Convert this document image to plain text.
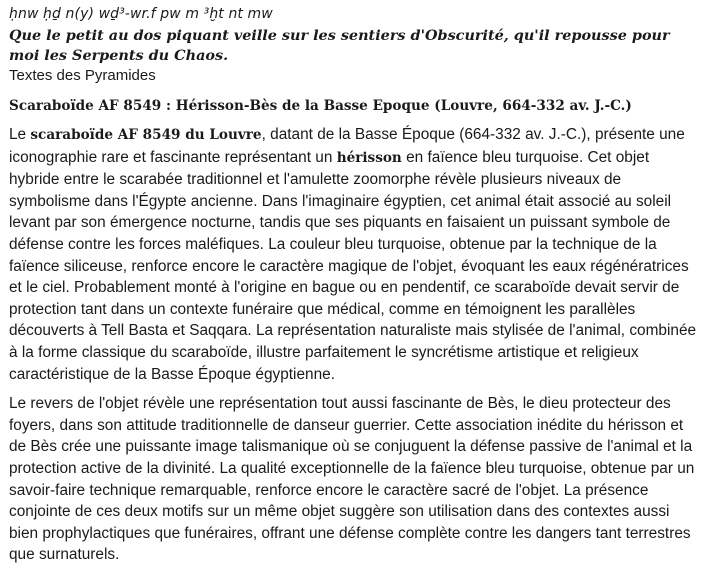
ḥnw ḥḏ n(y) wḏ³-wr.f pw m ³ḫt nt mw

Que le petit au dos piquant veille sur les sentiers d'Obscurité, qu'il repousse pour
moi les Serpents du Chaos.

Textes des Pyramides

Scaraboïde AF 8549 : Hérisson-Bès de la Basse Epoque (Louvre, 664-332 av. J.-C.)

Le scaraboïde AF 8549 du Louvre, datant de la Basse Époque (664-332 av. J.-C.), présente une iconographie rare et fascinante représentant un hérisson en faïence bleu turquoise. Cet objet hybride entre le scarabée traditionnel et l'amulette zoomorphe révèle plusieurs niveaux de symbolisme dans l'Égypte ancienne. Dans l'imaginaire égyptien, cet animal était associé au soleil levant par son émergence nocturne, tandis que ses piquants en faisaient un puissant symbole de défense contre les forces maléfiques. La couleur bleu turquoise, obtenue par la technique de la faïence siliceuse, renforce encore le caractère magique de l'objet, évoquant les eaux régénératrices et le ciel. Probablement monté à l'origine en bague ou en pendentif, ce scaraboïde devait servir de protection tant dans un contexte funéraire que médical, comme en témoignent les parallèles découverts à Tell Basta et Saqqara. La représentation naturaliste mais stylisée de l'animal, combinée à la forme classique du scaraboïde, illustre parfaitement le syncrétisme artistique et religieux caractéristique de la Basse Époque égyptienne.

Le revers de l'objet révèle une représentation tout aussi fascinante de Bès, le dieu protecteur des foyers, dans son attitude traditionnelle de danseur guerrier. Cette association inédite du hérisson et de Bès crée une puissante image talismanique où se conjuguent la défense passive de l'animal et la protection active de la divinité. La qualité exceptionnelle de la faïence bleu turquoise, obtenue par un savoir-faire technique remarquable, renforce encore le caractère sacré de l'objet. La présence conjointe de ces deux motifs sur un même objet suggère son utilisation dans des contextes aussi bien prophylactiques que funéraires, offrant une défense complète contre les dangers tant terrestres que surnaturels.
